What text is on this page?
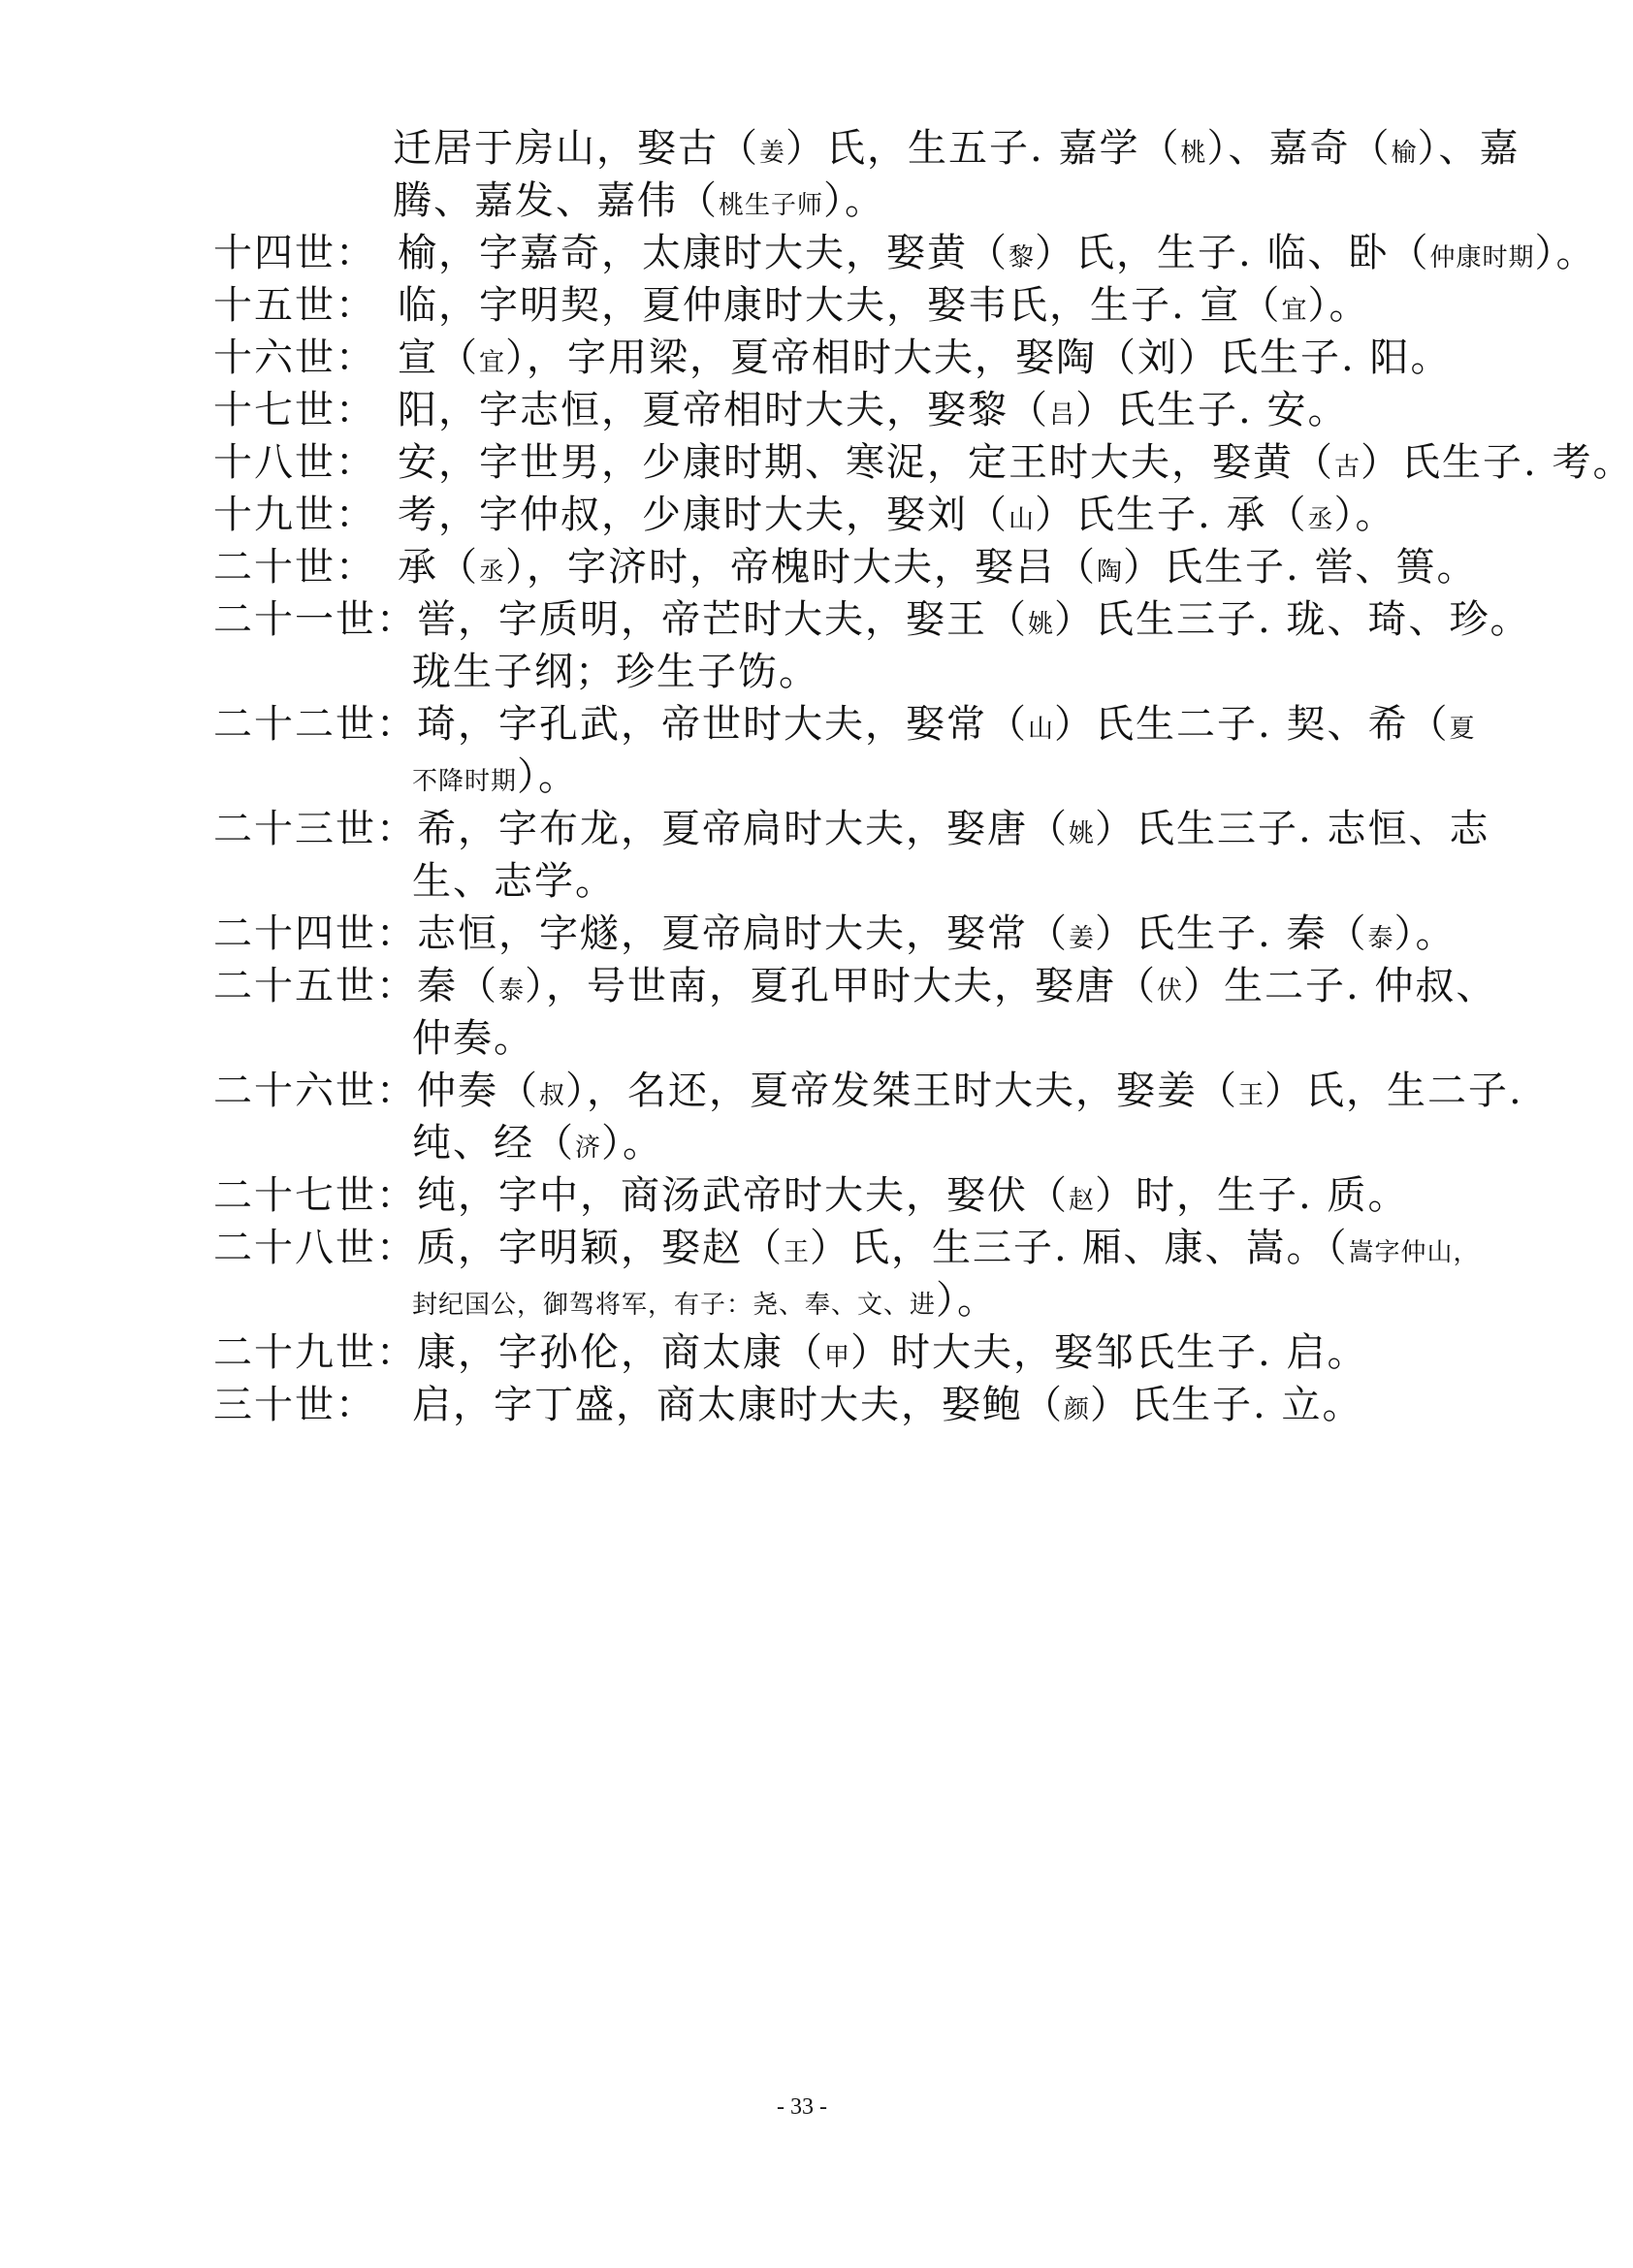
迁居于房山，娶古（姜）氏，生五子. 嘉学（桃）、嘉奇（榆）、嘉
腾、嘉发、嘉伟（桃生子师）。
十四世： 榆，字嘉奇，太康时大夫，娶黄（黎）氏，生子. 临、卧（仲康时期）。
十五世： 临，字明契，夏仲康时大夫，娶韦氏，生子. 宣（宜）。
十六世： 宣（宜），字用梁，夏帝相时大夫，娶陶（刘）氏生子. 阳。
十七世： 阳，字志恒，夏帝相时大夫，娶黎（吕）氏生子. 安。
十八世： 安，字世男，少康时期、寒浞，定王时大夫，娶黄（古）氏生子. 考。
十九世： 考，字仲叔，少康时大夫，娶刘（山）氏生子. 承（丞）。
二十世： 承（丞），字济时，帝槐时大夫，娶吕（陶）氏生子. 喾、篑。
二十一世：喾，字质明，帝芒时大夫，娶王（姚）氏生三子. 珑、琦、珍。
珑生子纲；珍生子饬。
二十二世：琦，字孔武，帝世时大夫，娶常（山）氏生二子. 契、希（夏
不降时期）。
二十三世：希，字布龙，夏帝扃时大夫，娶唐（姚）氏生三子. 志恒、志
生、志学。
二十四世：志恒，字燧，夏帝扃时大夫，娶常（姜）氏生子. 秦（泰）。
二十五世：秦（泰），号世南，夏孔甲时大夫，娶唐（伏）生二子. 仲叔、
仲奏。
二十六世：仲奏（叔），名还，夏帝发桀王时大夫，娶姜（王）氏，生二子.
纯、经（济）。
二十七世：纯，字中，商汤武帝时大夫，娶伏（赵）时，生子. 质。
二十八世：质，字明颖，娶赵（王）氏，生三子. 厢、康、嵩。（嵩字仲山，
封纪国公，御驾将军，有子：尧、奉、文、进）。
二十九世：康，字孙伦，商太康（甲）时大夫，娶邹氏生子. 启。
三十世： 启，字丁盛，商太康时大夫，娶鲍（颜）氏生子. 立。
- 33 -
